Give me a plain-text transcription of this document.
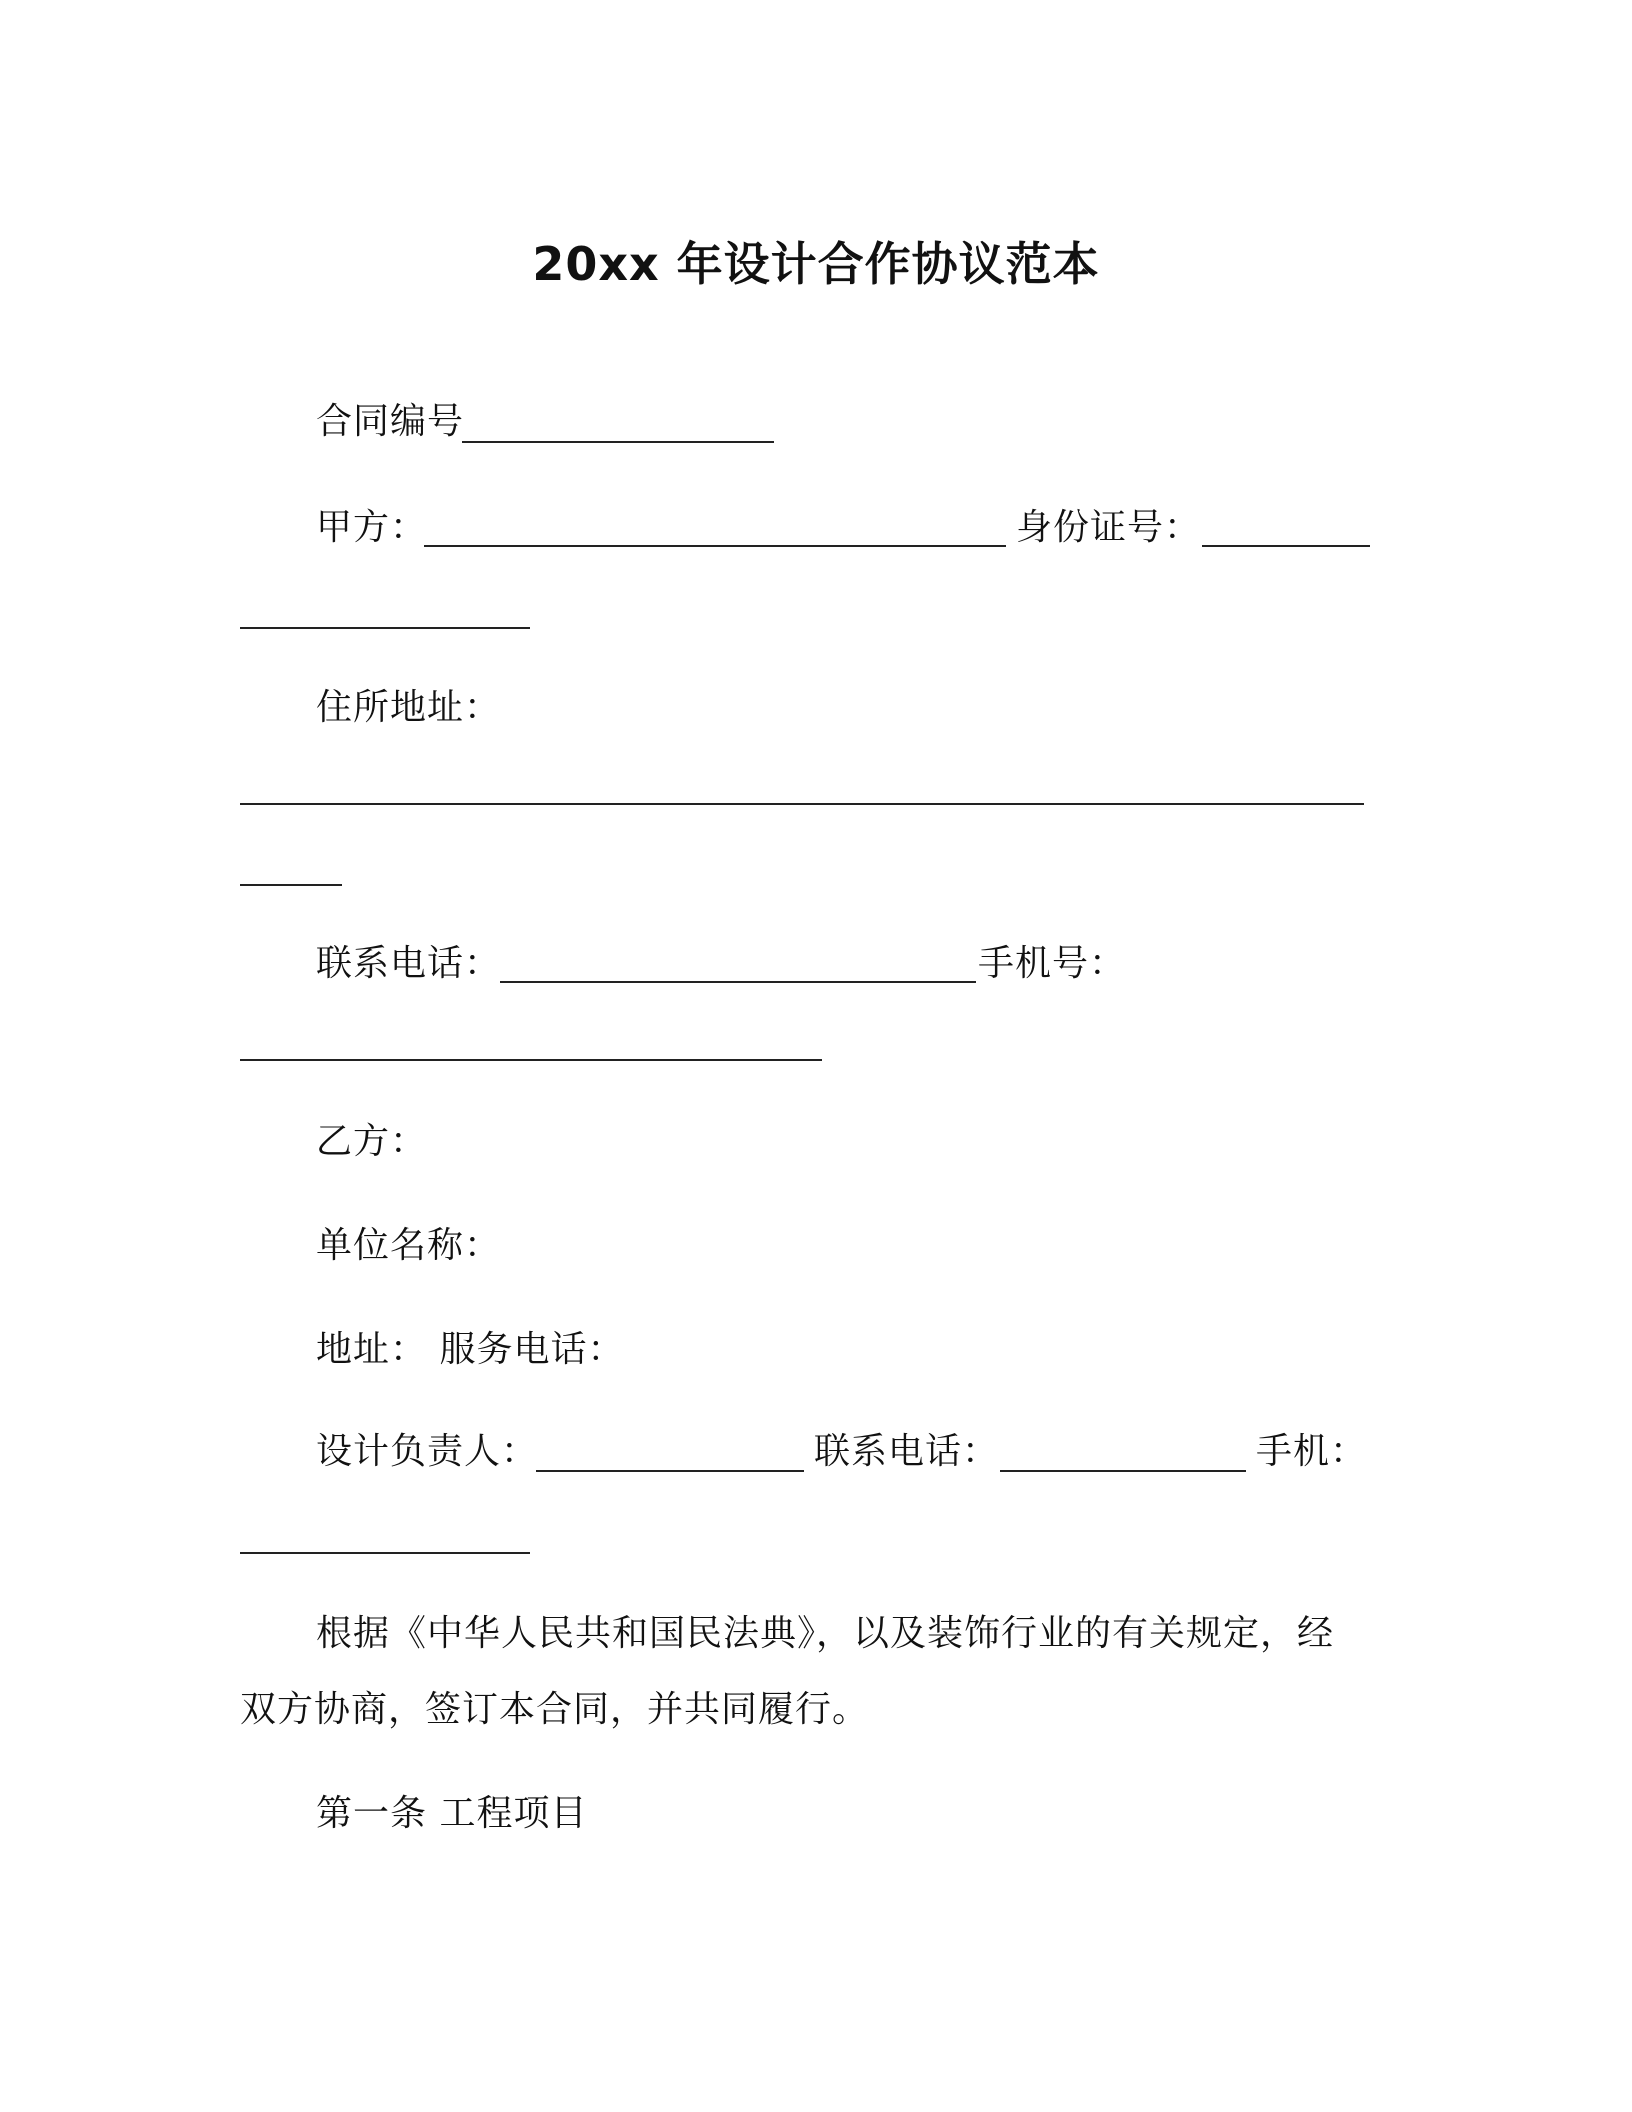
20xx 年设计合作协议范本
合同编号
甲方：	身份证号：
住所地址：
联系电话：	手机号：
乙方：
单位名称：
地址： 服务电话：
设计负责人：	联系电话：	手机：
根据《中华人民共和国民法典》，以及装饰行业的有关规定，经
双方协商，签订本合同，并共同履行。
第一条 工程项目
